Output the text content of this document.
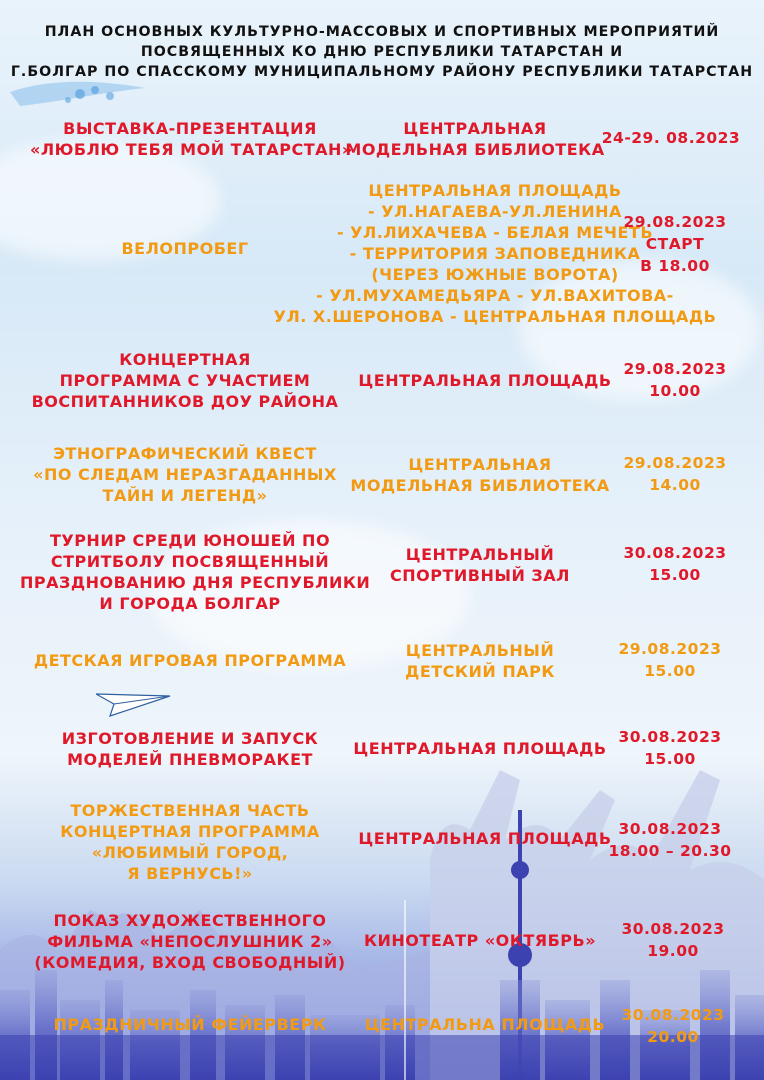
ПЛАН ОСНОВНЫХ КУЛЬТУРНО-МАССОВЫХ И СПОРТИВНЫХ МЕРОПРИЯТИЙ
ПОСВЯЩЕННЫХ КО ДНЮ РЕСПУБЛИКИ ТАТАРСТАН И
Г.БОЛГАР ПО СПАССКОМУ МУНИЦИПАЛЬНОМУ РАЙОНУ РЕСПУБЛИКИ ТАТАРСТАН
ВЫСТАВКА-ПРЕЗЕНТАЦИЯ
«ЛЮБЛЮ ТЕБЯ МОЙ ТАТАРСТАН»
ЦЕНТРАЛЬНАЯ
МОДЕЛЬНАЯ БИБЛИОТЕКА
24-29. 08.2023
ВЕЛОПРОБЕГ
ЦЕНТРАЛЬНАЯ ПЛОЩАДЬ
- УЛ.НАГАЕВА-УЛ.ЛЕНИНА
- УЛ.ЛИХАЧЕВА - БЕЛАЯ МЕЧЕТЬ
- ТЕРРИТОРИЯ ЗАПОВЕДНИКА
(ЧЕРЕЗ ЮЖНЫЕ ВОРОТА)
- УЛ.МУХАМЕДЬЯРА - УЛ.ВАХИТОВА-
УЛ. Х.ШЕРОНОВА - ЦЕНТРАЛЬНАЯ ПЛОЩАДЬ
29.08.2023
СТАРТ
В 18.00
КОНЦЕРТНАЯ
ПРОГРАММА С УЧАСТИЕМ
ВОСПИТАННИКОВ ДОУ РАЙОНА
ЦЕНТРАЛЬНАЯ ПЛОЩАДЬ
29.08.2023
10.00
ЭТНОГРАФИЧЕСКИЙ КВЕСТ
«ПО СЛЕДАМ НЕРАЗГАДАННЫХ
ТАЙН И ЛЕГЕНД»
ЦЕНТРАЛЬНАЯ
МОДЕЛЬНАЯ БИБЛИОТЕКА
29.08.2023
14.00
ТУРНИР СРЕДИ ЮНОШЕЙ ПО
СТРИТБОЛУ ПОСВЯЩЕННЫЙ
ПРАЗДНОВАНИЮ ДНЯ РЕСПУБЛИКИ
И ГОРОДА БОЛГАР
ЦЕНТРАЛЬНЫЙ
СПОРТИВНЫЙ ЗАЛ
30.08.2023
15.00
ДЕТСКАЯ ИГРОВАЯ ПРОГРАММА
ЦЕНТРАЛЬНЫЙ
ДЕТСКИЙ ПАРК
29.08.2023
15.00
ИЗГОТОВЛЕНИЕ И ЗАПУСК
МОДЕЛЕЙ ПНЕВМОРАКЕТ
ЦЕНТРАЛЬНАЯ ПЛОЩАДЬ
30.08.2023
15.00
ТОРЖЕСТВЕННАЯ ЧАСТЬ
КОНЦЕРТНАЯ ПРОГРАММА
«ЛЮБИМЫЙ ГОРОД,
Я ВЕРНУСЬ!»
ЦЕНТРАЛЬНАЯ ПЛОЩАДЬ 30.08.2023
18.00 – 20.30
ПОКАЗ ХУДОЖЕСТВЕННОГО
ФИЛЬМА «НЕПОСЛУШНИК 2»
(КОМЕДИЯ, ВХОД СВОБОДНЫЙ)
КИНОТЕАТР «ОКТЯБРЬ»
30.08.2023
19.00
ПРАЗДНИЧНЫЙ ФЕЙЕРВЕРК	ЦЕНТРАЛЬНА ПЛОЩАДЬ	30.08.2023
20.00
